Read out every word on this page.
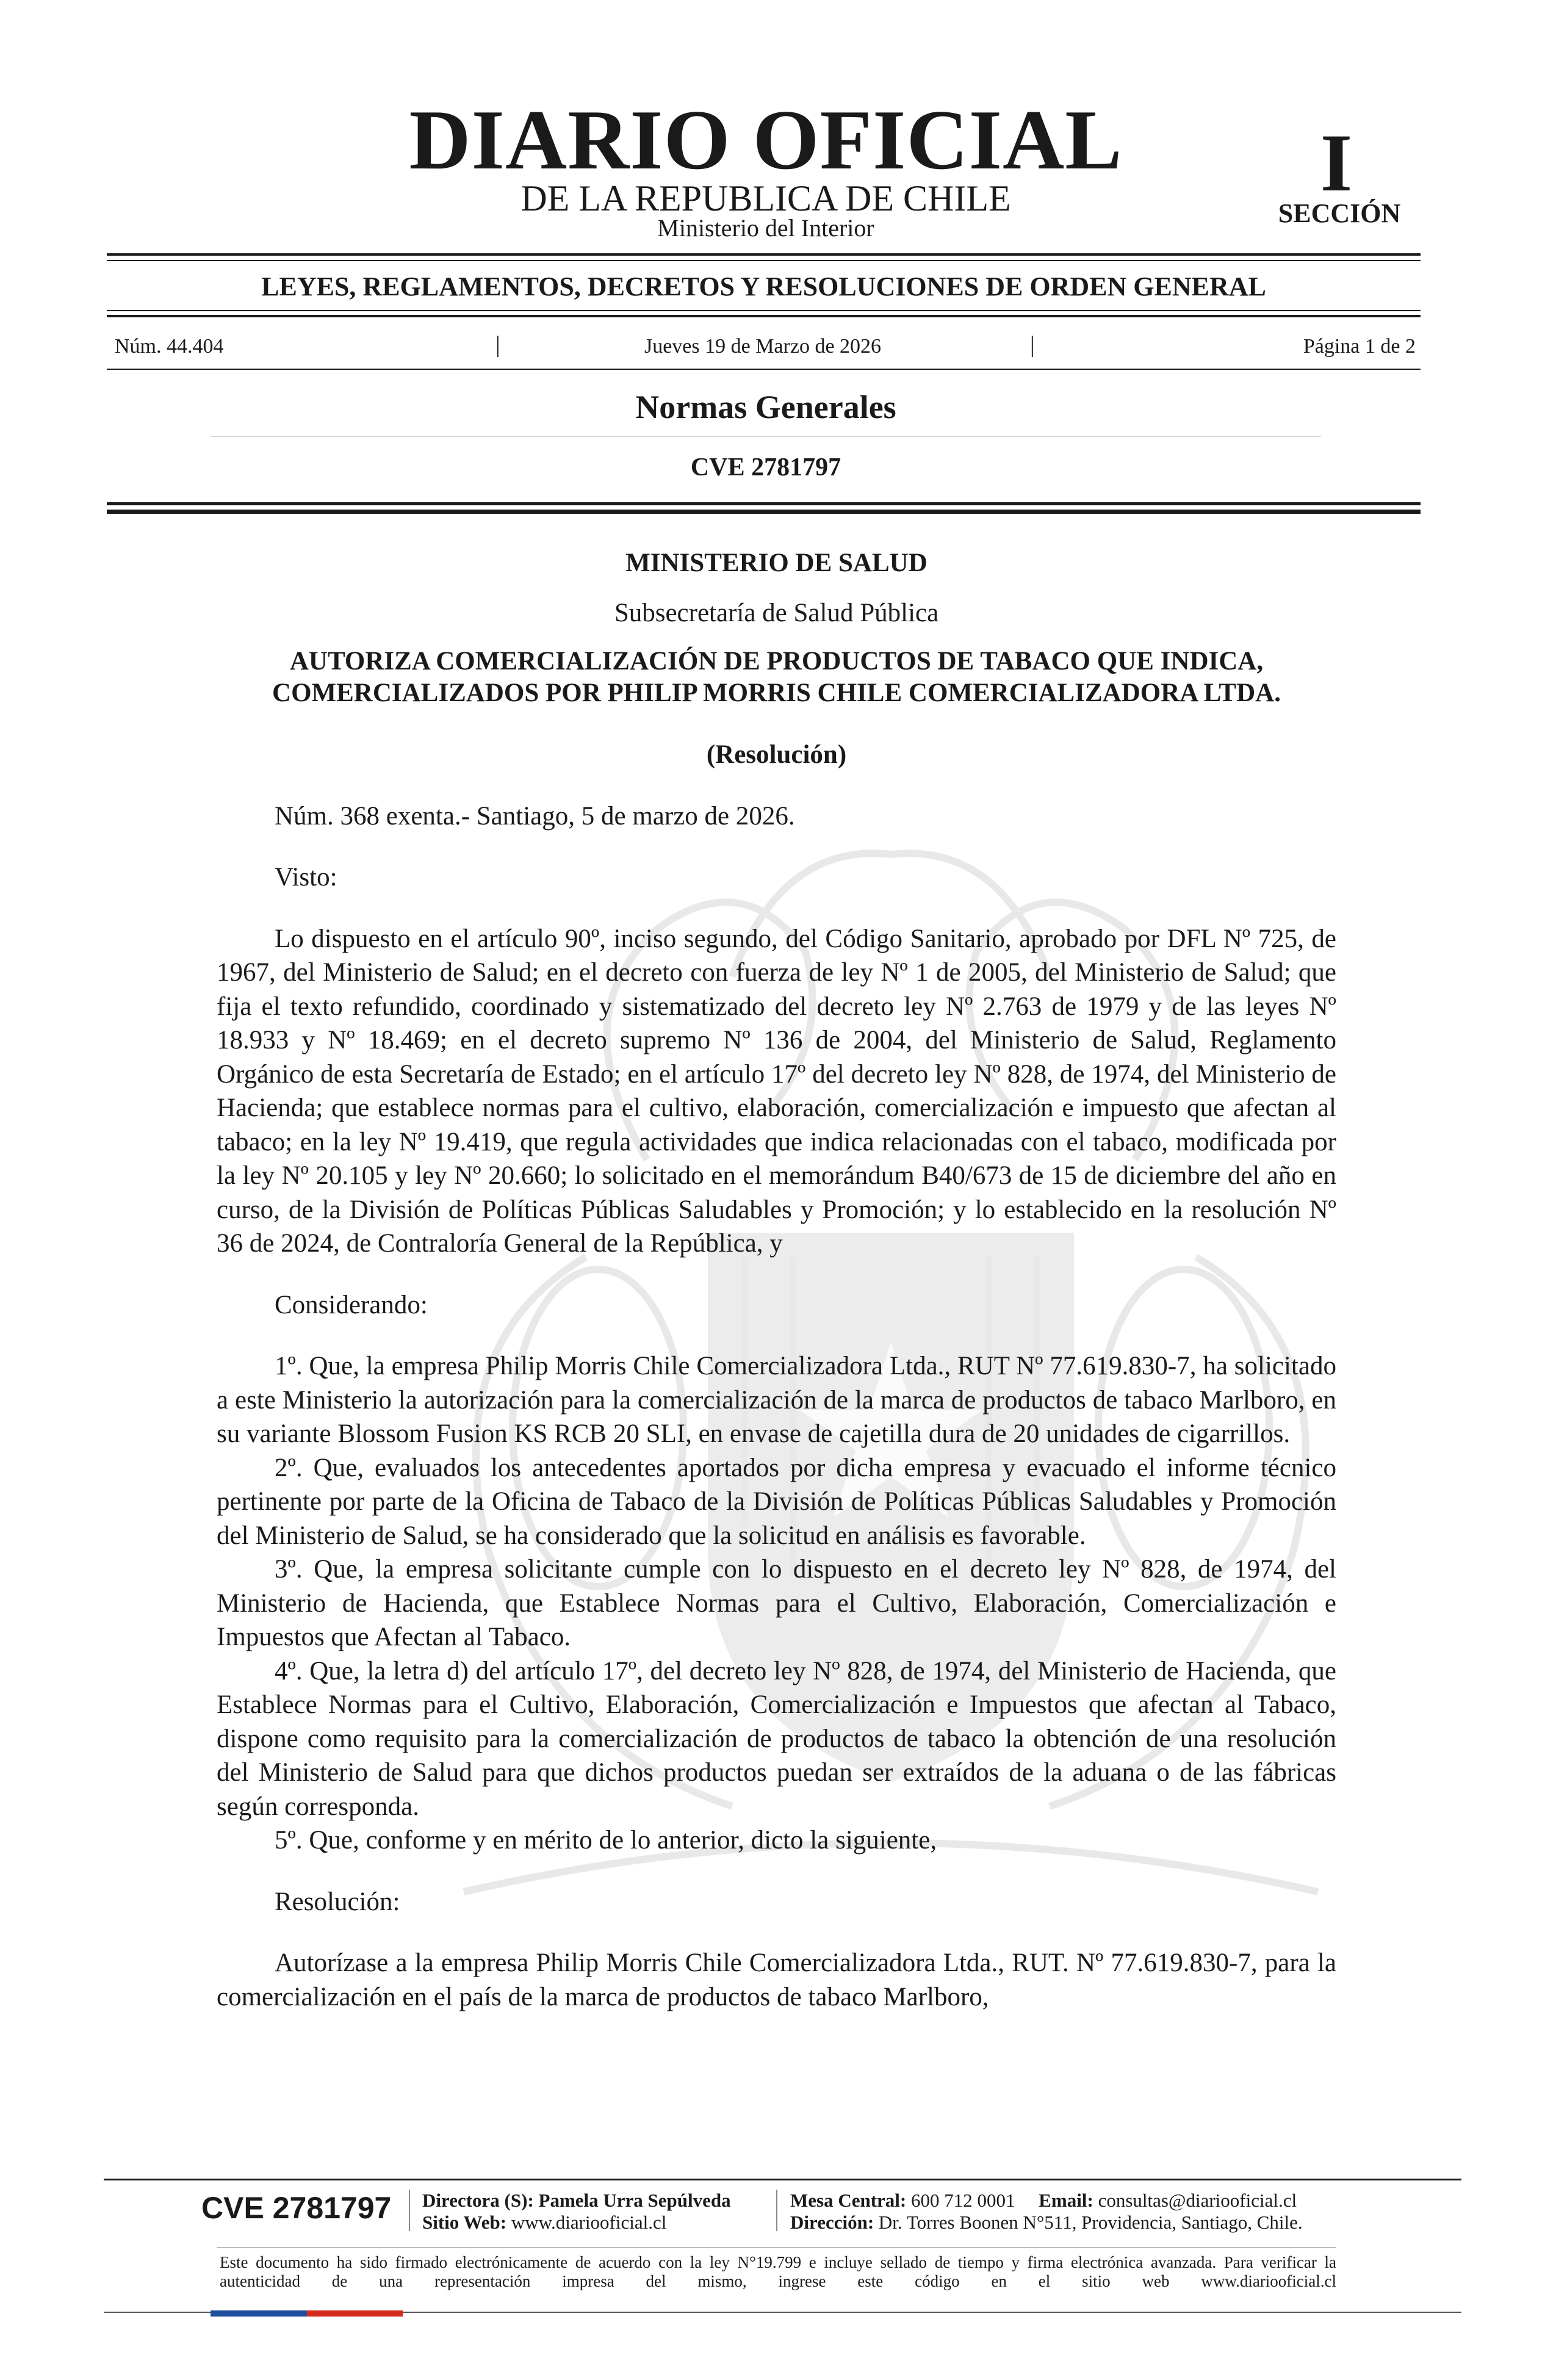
DIARIO OFICIAL
DE LA REPUBLICA DE CHILE
Ministerio del Interior
I
SECCIÓN
LEYES, REGLAMENTOS, DECRETOS Y RESOLUCIONES DE ORDEN GENERAL
Núm. 44.404	|	Jueves 19 de Marzo de 2026	|	Página 1 de 2
Normas Generales
CVE 2781797

MINISTERIO DE SALUD

Subsecretaría de Salud Pública

AUTORIZA COMERCIALIZACIÓN DE PRODUCTOS DE TABACO QUE INDICA,

COMERCIALIZADOS POR PHILIP MORRIS CHILE COMERCIALIZADORA LTDA.

(Resolución)

Núm. 368 exenta.- Santiago, 5 de marzo de 2026.

Visto:

Lo dispuesto en el artículo 90º, inciso segundo, del Código Sanitario, aprobado por DFL Nº 725, de 1967, del Ministerio de Salud; en el decreto con fuerza de ley Nº 1 de 2005, del Ministerio de Salud; que fija el texto refundido, coordinado y sistematizado del decreto ley Nº 2.763 de 1979 y de las leyes Nº 18.933 y Nº 18.469; en el decreto supremo Nº 136 de 2004, del Ministerio de Salud, Reglamento Orgánico de esta Secretaría de Estado; en el artículo 17º del decreto ley Nº 828, de 1974, del Ministerio de Hacienda; que establece normas para el cultivo, elaboración, comercialización e impuesto que afectan al tabaco; en la ley Nº 19.419, que regula actividades que indica relacionadas con el tabaco, modificada por la ley Nº 20.105 y ley Nº 20.660; lo solicitado en el memorándum B40/673 de 15 de diciembre del año en curso, de la División de Políticas Públicas Saludables y Promoción; y lo establecido en la resolución Nº 36 de 2024, de Contraloría General de la República, y

Considerando:

1º. Que, la empresa Philip Morris Chile Comercializadora Ltda., RUT Nº 77.619.830-7, ha solicitado a este Ministerio la autorización para la comercialización de la marca de productos de tabaco Marlboro, en su variante Blossom Fusion KS RCB 20 SLI, en envase de cajetilla dura de 20 unidades de cigarrillos.

2º. Que, evaluados los antecedentes aportados por dicha empresa y evacuado el informe técnico pertinente por parte de la Oficina de Tabaco de la División de Políticas Públicas Saludables y Promoción del Ministerio de Salud, se ha considerado que la solicitud en análisis es favorable.

3º. Que, la empresa solicitante cumple con lo dispuesto en el decreto ley Nº 828, de 1974, del Ministerio de Hacienda, que Establece Normas para el Cultivo, Elaboración, Comercialización e Impuestos que Afectan al Tabaco.

4º. Que, la letra d) del artículo 17º, del decreto ley Nº 828, de 1974, del Ministerio de Hacienda, que Establece Normas para el Cultivo, Elaboración, Comercialización e Impuestos que afectan al Tabaco, dispone como requisito para la comercialización de productos de tabaco la obtención de una resolución del Ministerio de Salud para que dichos productos puedan ser extraídos de la aduana o de las fábricas según corresponda.

5º. Que, conforme y en mérito de lo anterior, dicto la siguiente,

Resolución:

Autorízase a la empresa Philip Morris Chile Comercializadora Ltda., RUT. Nº 77.619.830-7, para la comercialización en el país de la marca de productos de tabaco Marlboro,

CVE 2781797 Directora (S): Pamela Urra Sepúlveda
Sitio Web: www.diariooficial.cl
Mesa Central: 600 712 0001 Email: consultas@diariooficial.cl
Dirección: Dr. Torres Boonen N°511, Providencia, Santiago, Chile.
Este documento ha sido firmado electrónicamente de acuerdo con la ley N°19.799 e incluye sellado de tiempo y firma electrónica avanzada. Para verificar la autenticidad de una representación impresa del mismo, ingrese este código en el sitio web www.diariooficial.cl
